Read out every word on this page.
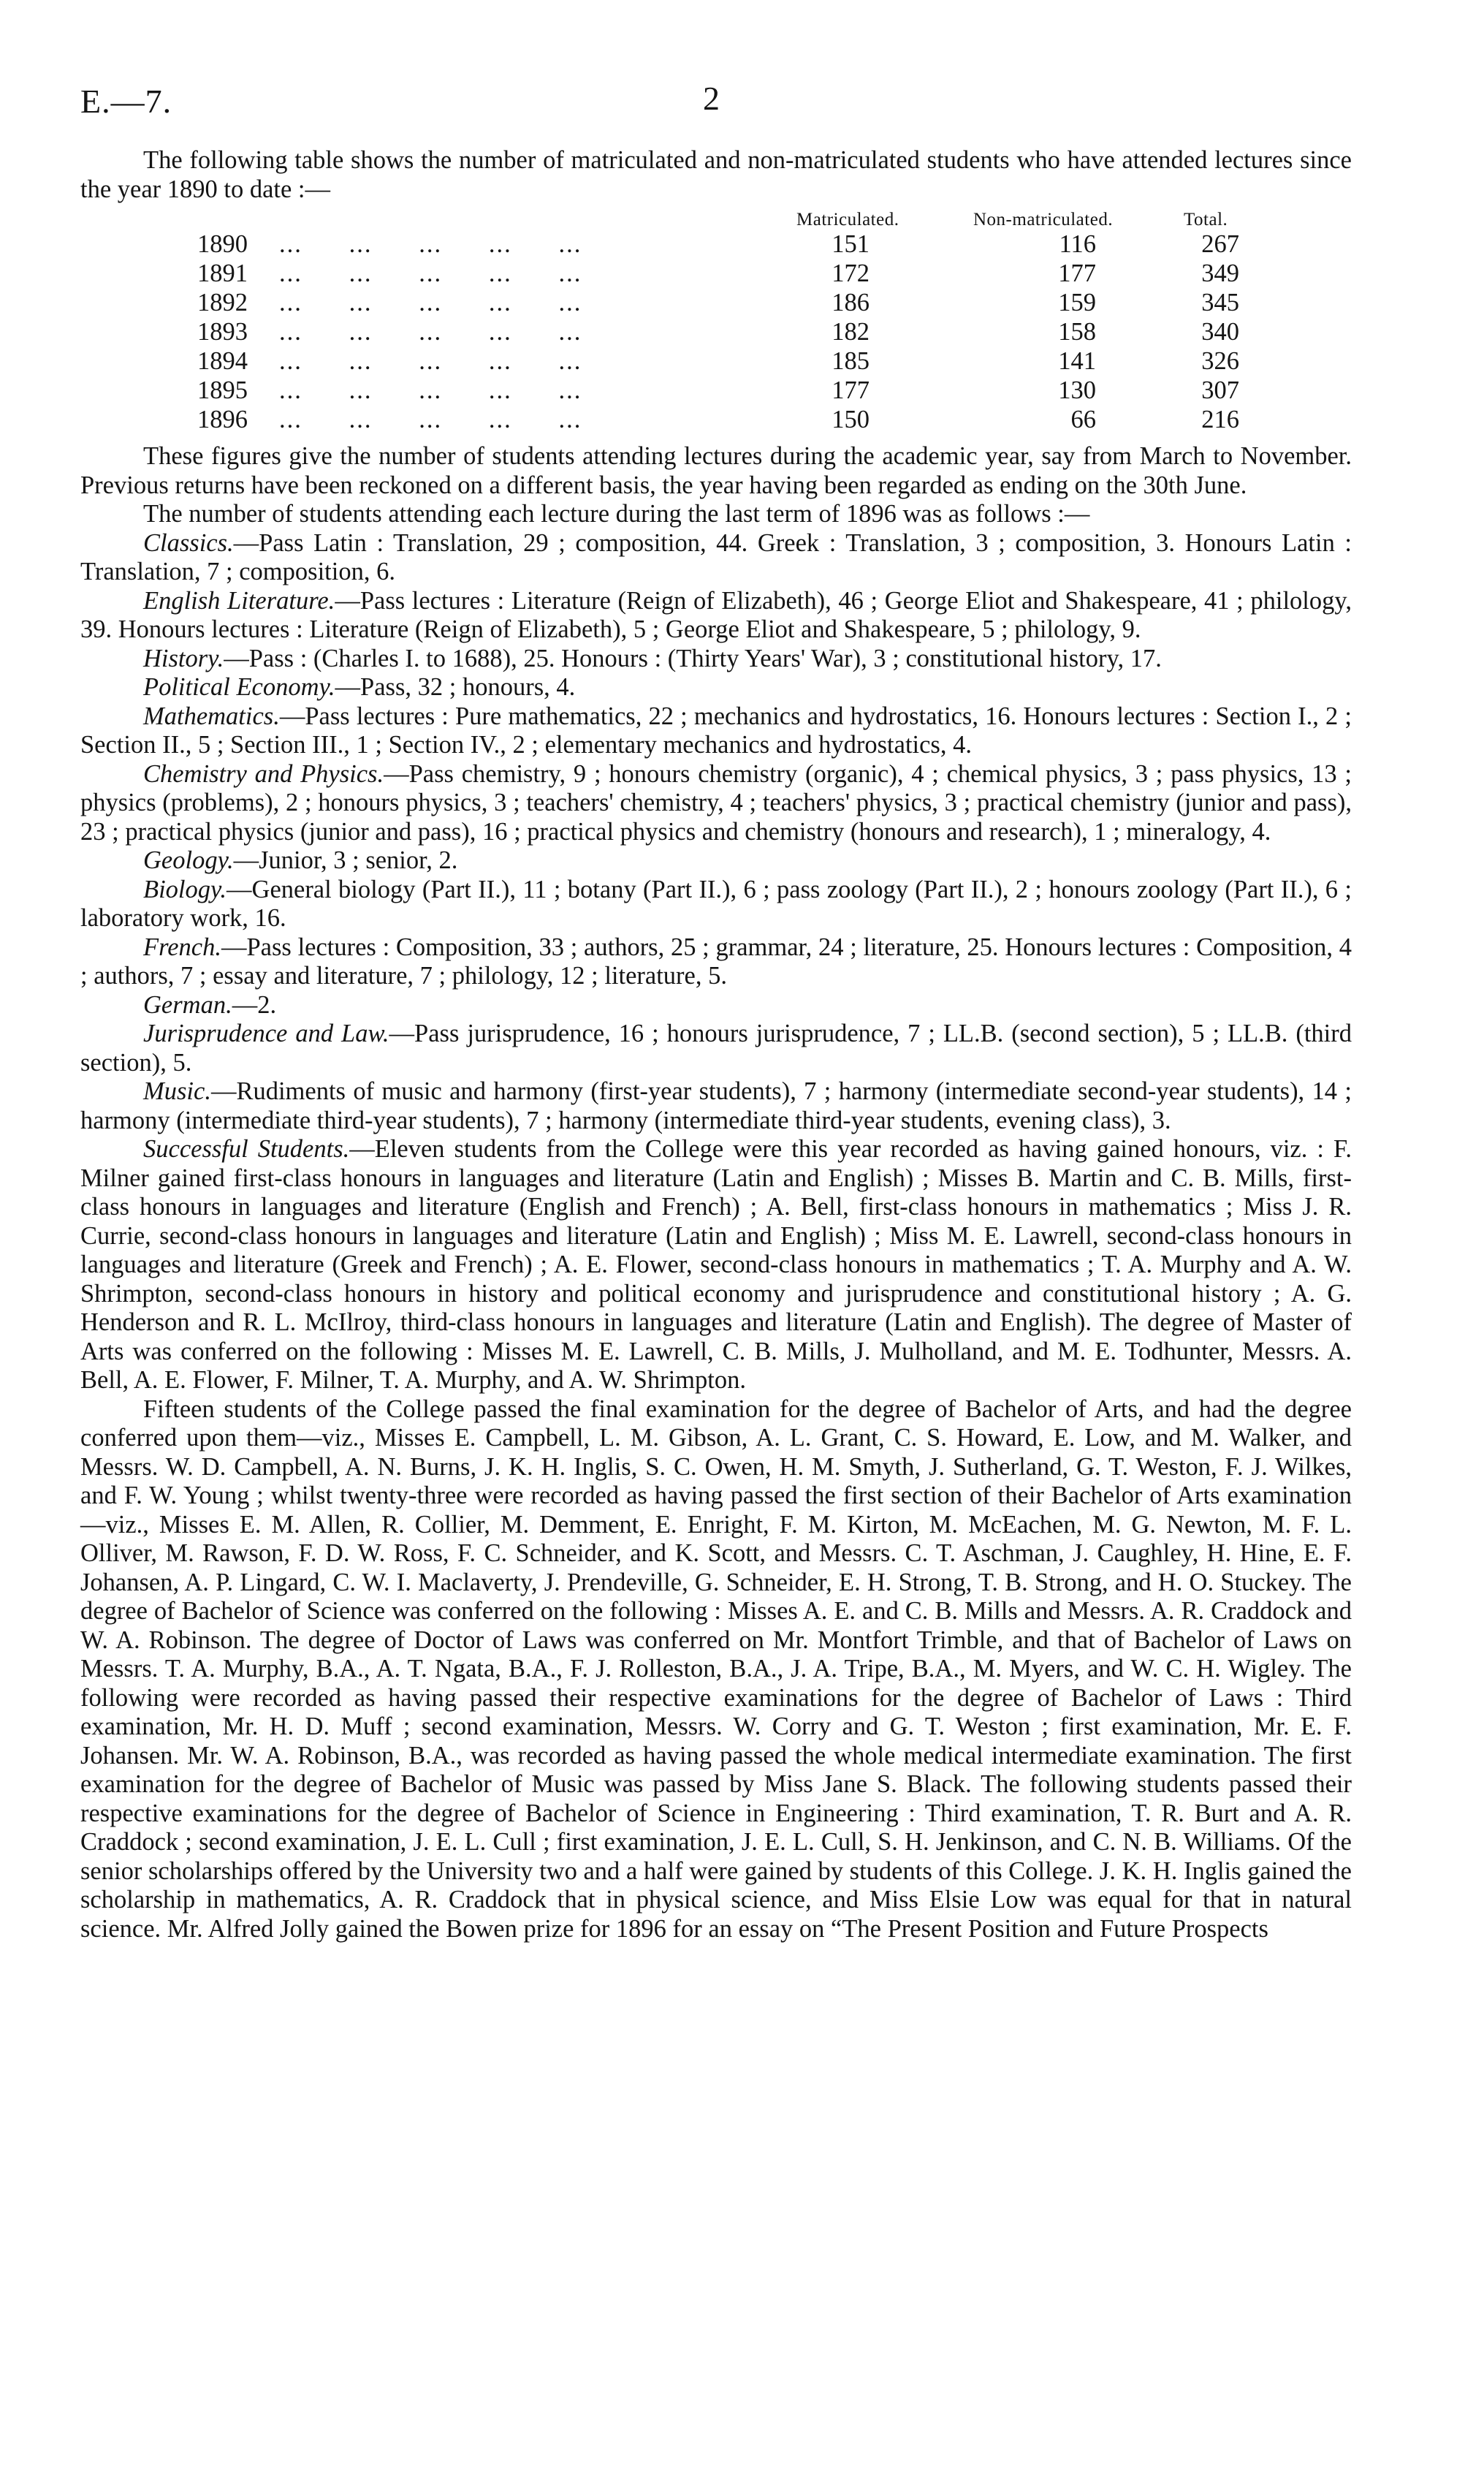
E.—7.	2

The following table shows the number of matriculated and non-matriculated students who have attended lectures since the year 1890 to date :—

Matriculated.	Non-matriculated.	Total.
1890 ...      ...      ...      ...      ...	151	116	267
1891 ...      ...      ...      ...      ...	172	177	349
1892 ...      ...      ...      ...      ...	186	159	345
1893 ...      ...      ...      ...      ...	182	158	340
1894 ...      ...      ...      ...      ...	185	141	326
1895 ...      ...      ...      ...      ...	177	130	307
1896 ...      ...      ...      ...      ...	150	66	216

These figures give the number of students attending lectures during the academic year, say from March to November. Previous returns have been reckoned on a different basis, the year having been regarded as ending on the 30th June.

The number of students attending each lecture during the last term of 1896 was as follows :—

Classics.—Pass Latin : Translation, 29 ; composition, 44. Greek : Translation, 3 ; composition, 3. Honours Latin : Translation, 7 ; composition, 6.

English Literature.—Pass lectures : Literature (Reign of Elizabeth), 46 ; George Eliot and Shakespeare, 41 ; philology, 39. Honours lectures : Literature (Reign of Elizabeth), 5 ; George Eliot and Shakespeare, 5 ; philology, 9.

History.—Pass : (Charles I. to 1688), 25. Honours : (Thirty Years' War), 3 ; constitutional history, 17.

Political Economy.—Pass, 32 ; honours, 4.

Mathematics.—Pass lectures : Pure mathematics, 22 ; mechanics and hydrostatics, 16. Honours lectures : Section I., 2 ; Section II., 5 ; Section III., 1 ; Section IV., 2 ; elementary mechanics and hydrostatics, 4.

Chemistry and Physics.—Pass chemistry, 9 ; honours chemistry (organic), 4 ; chemical physics, 3 ; pass physics, 13 ; physics (problems), 2 ; honours physics, 3 ; teachers' chemistry, 4 ; teachers' physics, 3 ; practical chemistry (junior and pass), 23 ; practical physics (junior and pass), 16 ; practical physics and chemistry (honours and research), 1 ; mineralogy, 4.

Geology.—Junior, 3 ; senior, 2.

Biology.—General biology (Part II.), 11 ; botany (Part II.), 6 ; pass zoology (Part II.), 2 ; honours zoology (Part II.), 6 ; laboratory work, 16.

French.—Pass lectures : Composition, 33 ; authors, 25 ; grammar, 24 ; literature, 25. Honours lectures : Composition, 4 ; authors, 7 ; essay and literature, 7 ; philology, 12 ; literature, 5.

German.—2.

Jurisprudence and Law.—Pass jurisprudence, 16 ; honours jurisprudence, 7 ; LL.B. (second section), 5 ; LL.B. (third section), 5.

Music.—Rudiments of music and harmony (first-year students), 7 ; harmony (intermediate second-year students), 14 ; harmony (intermediate third-year students), 7 ; harmony (intermediate third-year students, evening class), 3.

Successful Students.—Eleven students from the College were this year recorded as having gained honours, viz. : F. Milner gained first-class honours in languages and literature (Latin and English) ; Misses B. Martin and C. B. Mills, first-class honours in languages and literature (English and French) ; A. Bell, first-class honours in mathematics ; Miss J. R. Currie, second-class honours in languages and literature (Latin and English) ; Miss M. E. Lawrell, second-class honours in languages and literature (Greek and French) ; A. E. Flower, second-class honours in mathematics ; T. A. Murphy and A. W. Shrimpton, second-class honours in history and political economy and jurisprudence and constitutional history ; A. G. Henderson and R. L. McIlroy, third-class honours in languages and literature (Latin and English). The degree of Master of Arts was conferred on the following : Misses M. E. Lawrell, C. B. Mills, J. Mulholland, and M. E. Todhunter, Messrs. A. Bell, A. E. Flower, F. Milner, T. A. Murphy, and A. W. Shrimpton.

Fifteen students of the College passed the final examination for the degree of Bachelor of Arts, and had the degree conferred upon them—viz., Misses E. Campbell, L. M. Gibson, A. L. Grant, C. S. Howard, E. Low, and M. Walker, and Messrs. W. D. Campbell, A. N. Burns, J. K. H. Inglis, S. C. Owen, H. M. Smyth, J. Sutherland, G. T. Weston, F. J. Wilkes, and F. W. Young ; whilst twenty-three were recorded as having passed the first section of their Bachelor of Arts examination—viz., Misses E. M. Allen, R. Collier, M. Demment, E. Enright, F. M. Kirton, M. McEachen, M. G. Newton, M. F. L. Olliver, M. Rawson, F. D. W. Ross, F. C. Schneider, and K. Scott, and Messrs. C. T. Aschman, J. Caughley, H. Hine, E. F. Johansen, A. P. Lingard, C. W. I. Maclaverty, J. Prendeville, G. Schneider, E. H. Strong, T. B. Strong, and H. O. Stuckey. The degree of Bachelor of Science was conferred on the following : Misses A. E. and C. B. Mills and Messrs. A. R. Craddock and W. A. Robinson. The degree of Doctor of Laws was conferred on Mr. Montfort Trimble, and that of Bachelor of Laws on Messrs. T. A. Murphy, B.A., A. T. Ngata, B.A., F. J. Rolleston, B.A., J. A. Tripe, B.A., M. Myers, and W. C. H. Wigley. The following were recorded as having passed their respective examinations for the degree of Bachelor of Laws : Third examination, Mr. H. D. Muff ; second examination, Messrs. W. Corry and G. T. Weston ; first examination, Mr. E. F. Johansen. Mr. W. A. Robinson, B.A., was recorded as having passed the whole medical intermediate examination. The first examination for the degree of Bachelor of Music was passed by Miss Jane S. Black. The following students passed their respective examinations for the degree of Bachelor of Science in Engineering : Third examination, T. R. Burt and A. R. Craddock ; second examination, J. E. L. Cull ; first examination, J. E. L. Cull, S. H. Jenkinson, and C. N. B. Williams. Of the senior scholarships offered by the University two and a half were gained by students of this College. J. K. H. Inglis gained the scholarship in mathematics, A. R. Craddock that in physical science, and Miss Elsie Low was equal for that in natural science. Mr. Alfred Jolly gained the Bowen prize for 1896 for an essay on “The Present Position and Future Prospects
